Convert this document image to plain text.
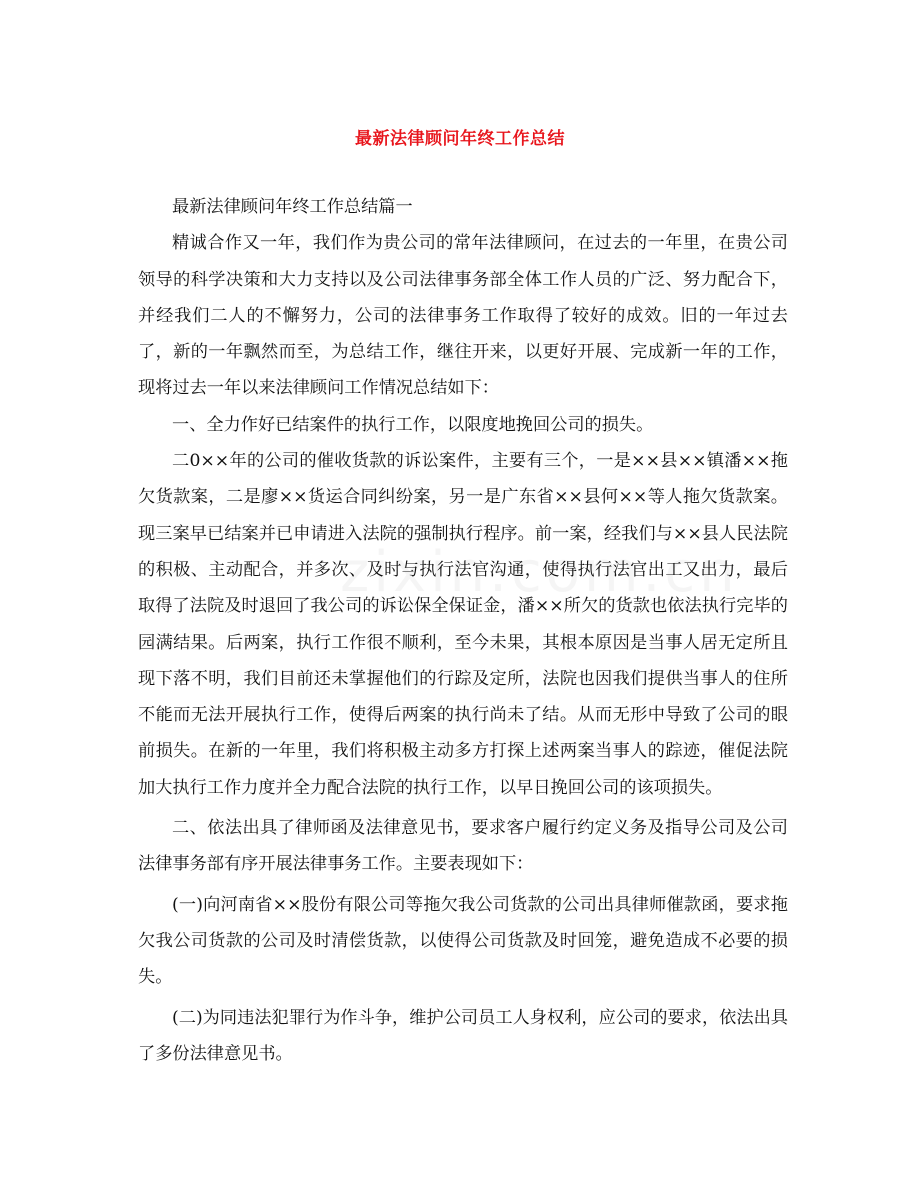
最新法律顾问年终工作总结

最新法律顾问年终工作总结篇一

精诚合作又一年，我们作为贵公司的常年法律顾问，在过去的一年里，在贵公司领导的科学决策和大力支持以及公司法律事务部全体工作人员的广泛、努力配合下，并经我们二人的不懈努力，公司的法律事务工作取得了较好的成效。旧的一年过去了，新的一年飘然而至，为总结工作，继往开来，以更好开展、完成新一年的工作，现将过去一年以来法律顾问工作情况总结如下：

一、全力作好已结案件的执行工作，以限度地挽回公司的损失。

二0××年的公司的催收货款的诉讼案件，主要有三个，一是××县××镇潘××拖欠货款案，二是廖××货运合同纠纷案，另一是广东省××县何××等人拖欠货款案。现三案早已结案并已申请进入法院的强制执行程序。前一案，经我们与××县人民法院的积极、主动配合，并多次、及时与执行法官沟通，使得执行法官出工又出力，最后取得了法院及时退回了我公司的诉讼保全保证金，潘××所欠的货款也依法执行完毕的园满结果。后两案，执行工作很不顺利，至今未果，其根本原因是当事人居无定所且现下落不明，我们目前还未掌握他们的行踪及定所，法院也因我们提供当事人的住所不能而无法开展执行工作，使得后两案的执行尚未了结。从而无形中导致了公司的眼前损失。在新的一年里，我们将积极主动多方打探上述两案当事人的踪迹，催促法院加大执行工作力度并全力配合法院的执行工作，以早日挽回公司的该项损失。

二、依法出具了律师函及法律意见书，要求客户履行约定义务及指导公司及公司法律事务部有序开展法律事务工作。主要表现如下：

(一)向河南省××股份有限公司等拖欠我公司货款的公司出具律师催款函，要求拖欠我公司货款的公司及时清偿货款，以使得公司货款及时回笼，避免造成不必要的损失。

(二)为同违法犯罪行为作斗争，维护公司员工人身权利，应公司的要求，依法出具了多份法律意见书。
